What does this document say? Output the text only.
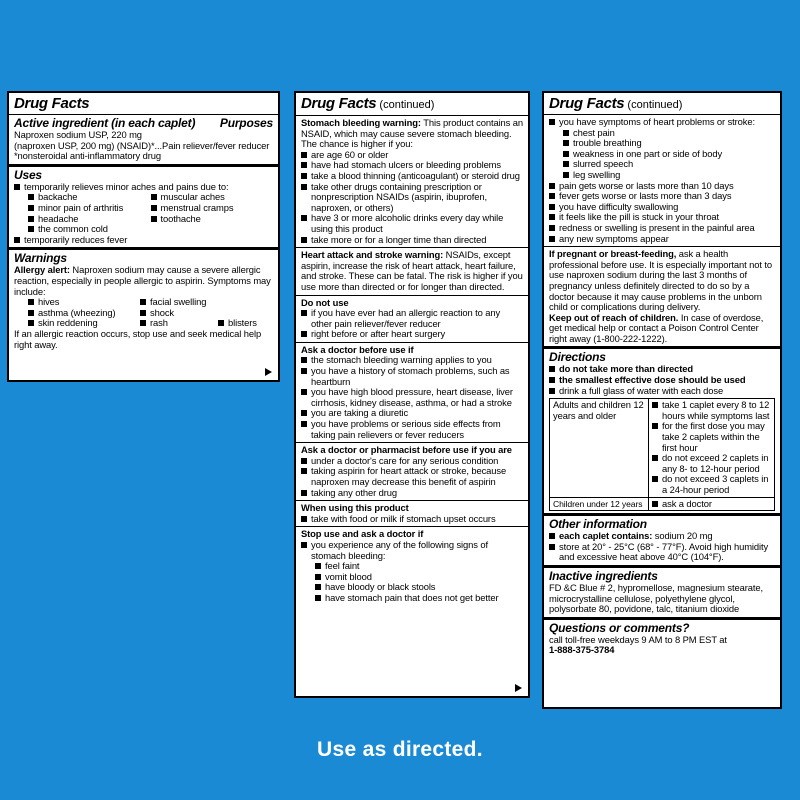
Drug Facts
Active ingredient (in each caplet) Purposes
Naproxen sodium USP, 220 mg
(naproxen USP, 200 mg) (NSAID)*...Pain reliever/fever reducer
*nonsteroidal anti-inflammatory drug
Uses
temporarily relieves minor aches and pains due to:
backache	muscular aches
minor pain of arthritis	menstrual cramps
headache	toothache
the common cold
temporarily reduces fever
Warnings
Allergy alert: Naproxen sodium may cause a severe allergic reaction, especially in people allergic to aspirin. Symptoms may include:
hives	facial swelling
asthma (wheezing)	shock
skin reddening	rash	blisters
If an allergic reaction occurs, stop use and seek medical help right away.
Drug Facts (continued)
Stomach bleeding warning: This product contains an NSAID, which may cause severe stomach bleeding. The chance is higher if you:
are age 60 or older
have had stomach ulcers or bleeding problems
take a blood thinning (anticoagulant) or steroid drug
take other drugs containing prescription or nonprescription NSAIDs (aspirin, ibuprofen, naproxen, or others)
have 3 or more alcoholic drinks every day while using this product
take more or for a longer time than directed
Heart attack and stroke warning: NSAIDs, except aspirin, increase the risk of heart attack, heart failure, and stroke. These can be fatal. The risk is higher if you use more than directed or for longer than directed.
Do not use
if you have ever had an allergic reaction to any other pain reliever/fever reducer
right before or after heart surgery
Ask a doctor before use if
the stomach bleeding warning applies to you
you have a history of stomach problems, such as heartburn
you have high blood pressure, heart disease, liver cirrhosis, kidney disease, asthma, or had a stroke
you are taking a diuretic
you have problems or serious side effects from taking pain relievers or fever reducers
Ask a doctor or pharmacist before use if you are
under a doctor's care for any serious condition
taking aspirin for heart attack or stroke, because naproxen may decrease this benefit of aspirin
taking any other drug
When using this product
take with food or milk if stomach upset occurs
Stop use and ask a doctor if
you experience any of the following signs of stomach bleeding:
feel faint
vomit blood
have bloody or black stools
have stomach pain that does not get better
Drug Facts (continued)
you have symptoms of heart problems or stroke:
chest pain
trouble breathing
weakness in one part or side of body
slurred speech
leg swelling
pain gets worse or lasts more than 10 days
fever gets worse or lasts more than 3 days
you have difficulty swallowing
it feels like the pill is stuck in your throat
redness or swelling is present in the painful area
any new symptoms appear
If pregnant or breast-feeding, ask a health professional before use. It is especially important not to use naproxen sodium during the last 3 months of pregnancy unless definitely directed to do so by a doctor because it may cause problems in the unborn child or complications during delivery.
Keep out of reach of children. In case of overdose, get medical help or contact a Poison Control Center right away (1-800-222-1222).
Directions
do not take more than directed
the smallest effective dose should be used
drink a full glass of water with each dose
Adults and children 12 years and older	take 1 caplet every 8 to 12 hours while symptoms last
for the first dose you may take 2 caplets within the first hour
do not exceed 2 caplets in any 8- to 12-hour period
do not exceed 3 caplets in a 24-hour period

Children under 12 years	ask a doctor
Other information
each caplet contains: sodium 20 mg
store at 20° - 25°C (68° - 77°F). Avoid high humidity and excessive heat above 40°C (104°F).
Inactive ingredients
FD &C Blue # 2, hypromellose, magnesium stearate, microcrystalline cellulose, polyethylene glycol, polysorbate 80, povidone, talc, titanium dioxide
Questions or comments?
call toll-free weekdays 9 AM to 8 PM EST at
1-888-375-3784
Use as directed.
